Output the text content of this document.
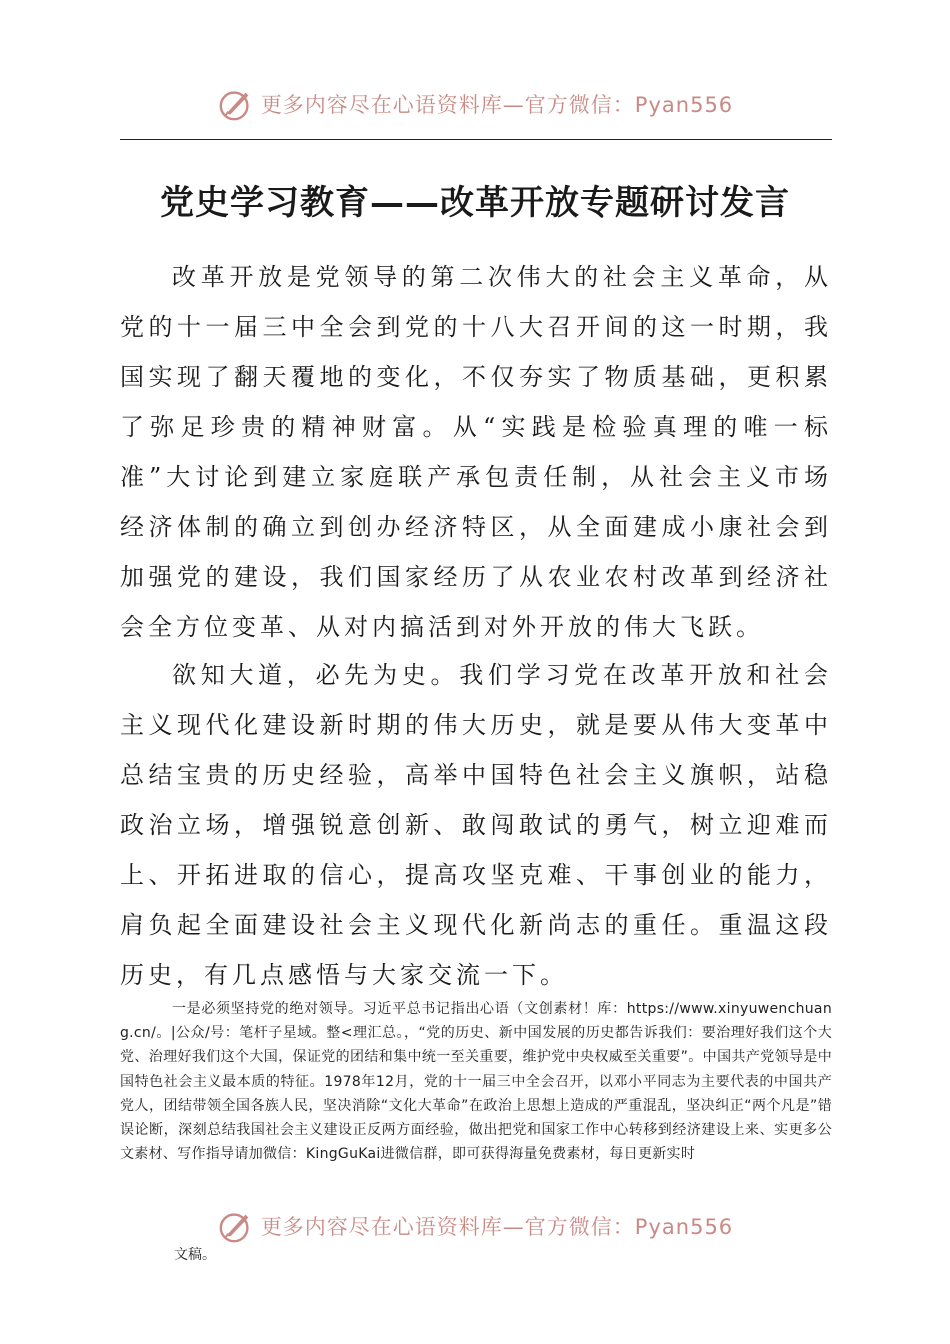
更多内容尽在心语资料库—官方微信：Pyan556
党史学习教育——改革开放专题研讨发言

改革开放是党领导的第二次伟大的社会主义革命，从党的十一届三中全会到党的十八大召开间的这一时期，我国实现了翻天覆地的变化，不仅夯实了物质基础，更积累了弥足珍贵的精神财富。从“实践是检验真理的唯一标准”大讨论到建立家庭联产承包责任制，从社会主义市场经济体制的确立到创办经济特区，从全面建成小康社会到加强党的建设，我们国家经历了从农业农村改革到经济社会全方位变革、从对内搞活到对外开放的伟大飞跃。

欲知大道，必先为史。我们学习党在改革开放和社会主义现代化建设新时期的伟大历史，就是要从伟大变革中总结宝贵的历史经验，高举中国特色社会主义旗帜，站稳政治立场，增强锐意创新、敢闯敢试的勇气，树立迎难而上、开拓进取的信心，提高攻坚克难、干事创业的能力，肩负起全面建设社会主义现代化新尚志的重任。重温这段历史，有几点感悟与大家交流一下。

一是必须坚持党的绝对领导。习近平总书记指出心语（文创素材！库：https://www.xinyuwenchuang.cn/。|公众/号：笔杆子星域。整<理汇总。，“党的历史、新中国发展的历史都告诉我们：要治理好我们这个大党、治理好我们这个大国，保证党的团结和集中统一至关重要，维护党中央权威至关重要”。中国共产党领导是中国特色社会主义最本质的特征。1978年12月，党的十一届三中全会召开，以邓小平同志为主要代表的中国共产党人，团结带领全国各族人民，坚决消除“文化大革命”在政治上思想上造成的严重混乱，坚决纠正“两个凡是”错误论断，深刻总结我国社会主义建设正反两方面经验，做出把党和国家工作中心转移到经济建设上来、实更多公文素材、写作指导请加微信：KingGuKai进微信群，即可获得海量免费素材，每日更新实时

更多内容尽在心语资料库—官方微信：Pyan556

文稿。
